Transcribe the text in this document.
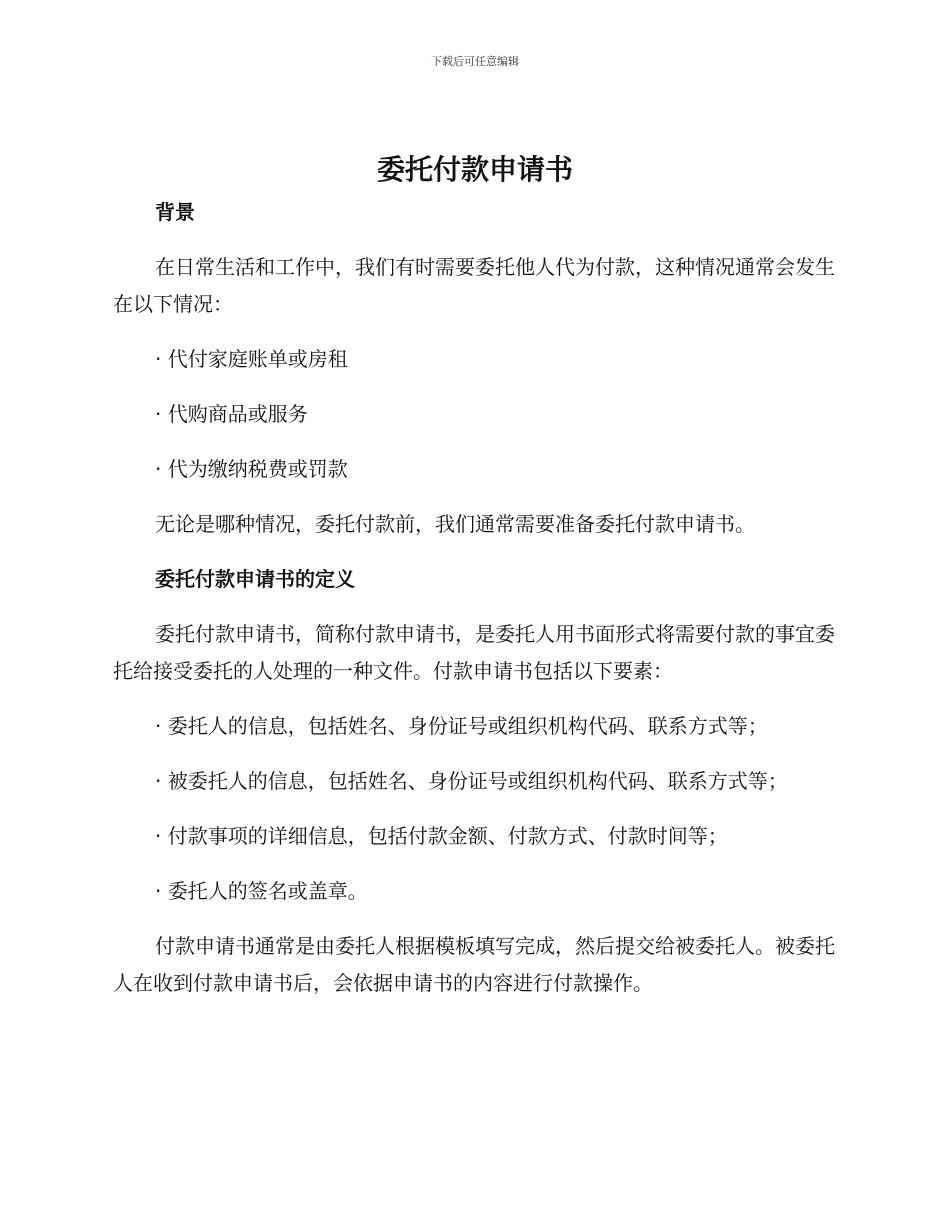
下载后可任意编辑
委托付款申请书
背景

在日常生活和工作中，我们有时需要委托他人代为付款，这种情况通常会发生在以下情况：

· 代付家庭账单或房租

· 代购商品或服务

· 代为缴纳税费或罚款

无论是哪种情况，委托付款前，我们通常需要准备委托付款申请书。

委托付款申请书的定义

委托付款申请书，简称付款申请书，是委托人用书面形式将需要付款的事宜委托给接受委托的人处理的一种文件。付款申请书包括以下要素：

· 委托人的信息，包括姓名、身份证号或组织机构代码、联系方式等；

· 被委托人的信息，包括姓名、身份证号或组织机构代码、联系方式等；

· 付款事项的详细信息，包括付款金额、付款方式、付款时间等；

· 委托人的签名或盖章。

付款申请书通常是由委托人根据模板填写完成，然后提交给被委托人。被委托人在收到付款申请书后，会依据申请书的内容进行付款操作。
